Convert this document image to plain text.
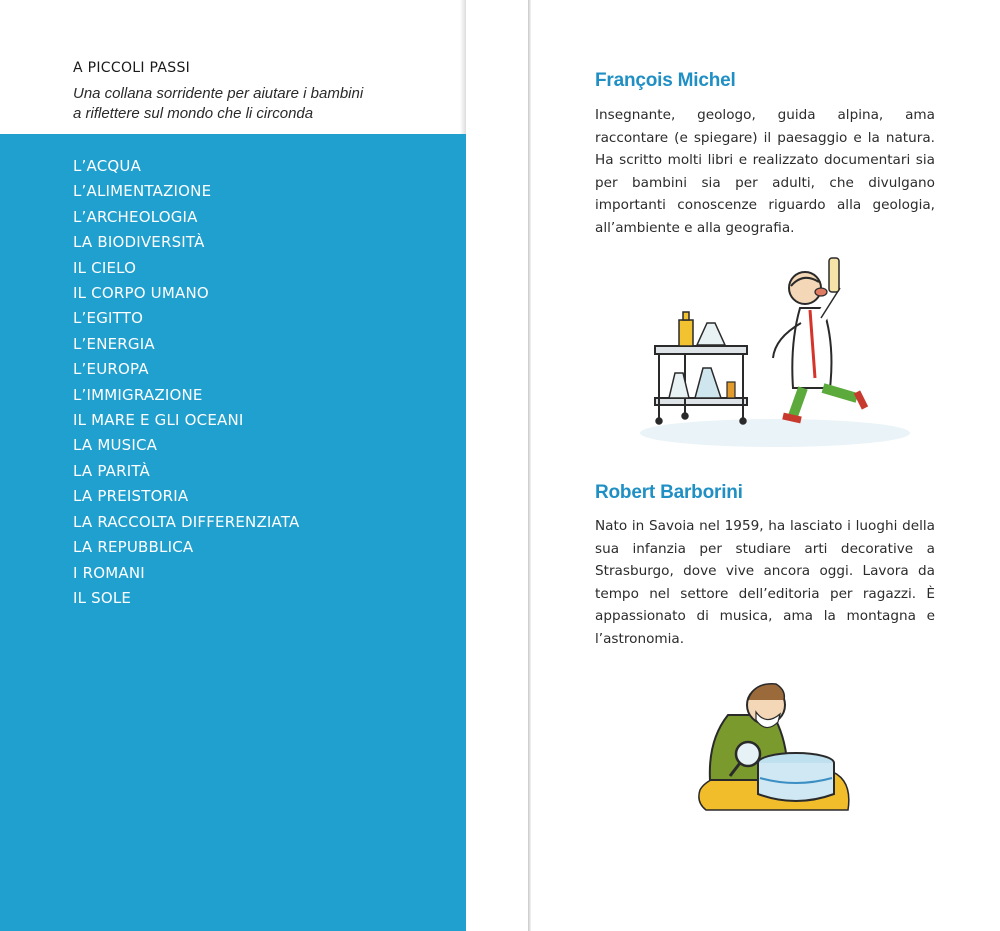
A PICCOLI PASSI
Una collana sorridente per aiutare i bambini
a riflettere sul mondo che li circonda
L’ACQUA
L’ALIMENTAZIONE
L’ARCHEOLOGIA
LA BIODIVERSITÀ
IL CIELO
IL CORPO UMANO
L’EGITTO
L’ENERGIA
L’EUROPA
L’IMMIGRAZIONE
IL MARE E GLI OCEANI
LA MUSICA
LA PARITÀ
LA PREISTORIA
LA RACCOLTA DIFFERENZIATA
LA REPUBBLICA
I ROMANI
IL SOLE
François Michel
Insegnante, geologo, guida alpina, ama raccontare (e spiegare) il paesaggio e la natura. Ha scritto molti libri e realizzato documentari sia per bambini sia per adulti, che divulgano importanti conoscenze riguardo alla geologia, all’ambiente e alla geografia.
Robert Barborini
Nato in Savoia nel 1959, ha lasciato i luoghi della sua infanzia per studiare arti decorative a Strasburgo, dove vive ancora oggi. Lavora da tempo nel settore dell’editoria per ragazzi. È appassionato di musica, ama la montagna e l’astronomia.
